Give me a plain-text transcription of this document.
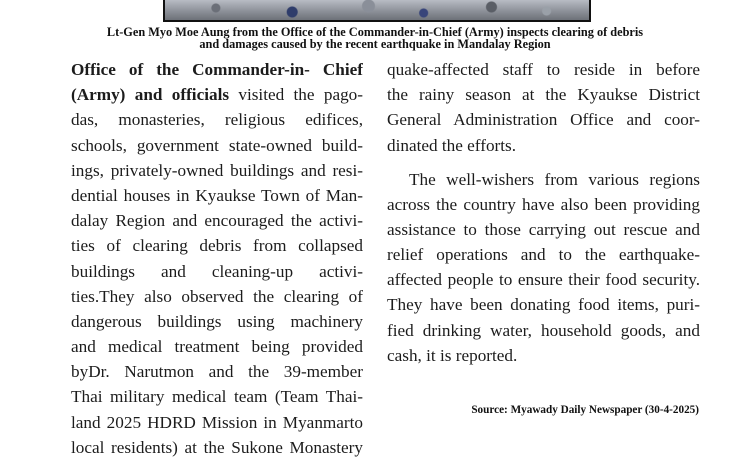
Lt-Gen Myo Moe Aung from the Office of the Commander-in-Chief (Army) inspects clearing of debris
and damages caused by the recent earthquake in Mandalay Region
Office of the Commander-in- Chief
(Army) and officials visited the pago-
das, monasteries, religious edifices,
schools, government state-owned build-
ings, privately-owned buildings and resi-
dential houses in Kyaukse Town of Man-
dalay Region and encouraged the activi-
ties of clearing debris from collapsed
buildings and cleaning-up activi-
ties.They also observed the clearing of
dangerous buildings using machinery
and medical treatment being provided
byDr. Narutmon and the 39-member
Thai military medical team (Team Thai-
land 2025 HDRD Mission in Myanmarto
local residents) at the Sukone Monastery
quake-affected staff to reside in before
the rainy season at the Kyaukse District
General Administration Office and coor-
dinated the efforts.
The well-wishers from various regions
across the country have also been providing
assistance to those carrying out rescue and
relief operations and to the earthquake-
affected people to ensure their food security.
They have been donating food items, puri-
fied drinking water, household goods, and
cash, it is reported.
Source: Myawady Daily Newspaper (30-4-2025)
